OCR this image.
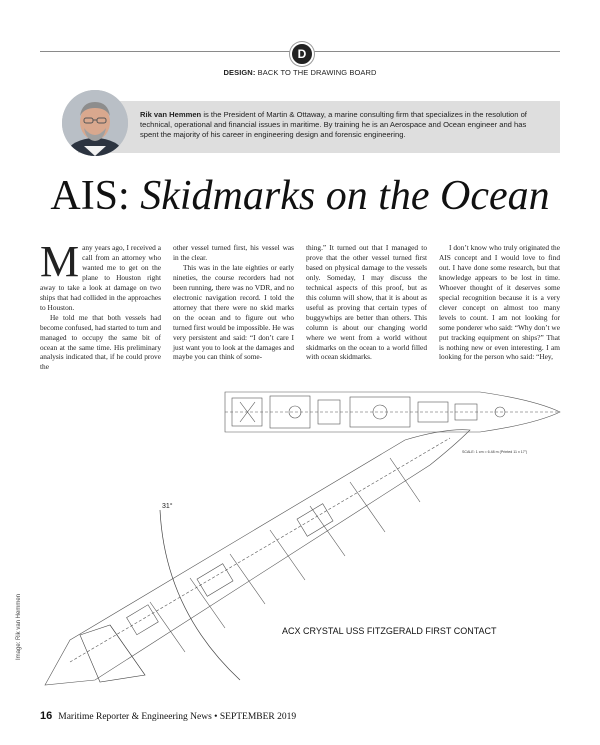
D
DESIGN: BACK TO THE DRAWING BOARD
Rik van Hemmen is the President of Martin & Ottaway, a marine consulting firm that specializes in the resolution of technical, operational and financial issues in maritime. By training he is an Aerospace and Ocean engineer and has spent the majority of his career in engineering design and forensic engineering.
AIS: Skidmarks on the Ocean

Many years ago, I received a call from an attorney who wanted me to get on the plane to Houston right away to take a look at damage on two ships that had collided in the approaches to Houston.

He told me that both vessels had become confused, had started to turn and managed to occupy the same bit of ocean at the same time. His preliminary analysis indicated that, if he could prove the

other vessel turned first, his vessel was in the clear.

This was in the late eighties or early nineties, the course recorders had not been running, there was no VDR, and no electronic navigation record. I told the attorney that there were no skid marks on the ocean and to figure out who turned first would be impossible. He was very persistent and said: “I don’t care I just want you to look at the damages and maybe you can think of some-

thing.” It turned out that I managed to prove that the other vessel turned first based on physical damage to the vessels only. Someday, I may discuss the technical aspects of this proof, but as this column will show, that it is about as useful as proving that certain types of buggywhips are better than others. This column is about our changing world where we went from a world without skidmarks on the ocean to a world filled with ocean skidmarks.

I don’t know who truly originated the AIS concept and I would love to find out. I have done some research, but that knowledge appears to be lost in time. Whoever thought of it deserves some special recognition because it is a very clever concept on almost too many levels to count. I am not looking for some ponderer who said: “Why don’t we put tracking equipment on ships?” That is nothing new or even interesting. I am looking for the person who said: “Hey,

31°
SCALE: 1 cm = 6.48 m (Printed 11 x 17")
ACX CRYSTAL USS FITZGERALD FIRST CONTACT
Image: Rik van Hemmen
16 Maritime Reporter & Engineering News • SEPTEMBER 2019
